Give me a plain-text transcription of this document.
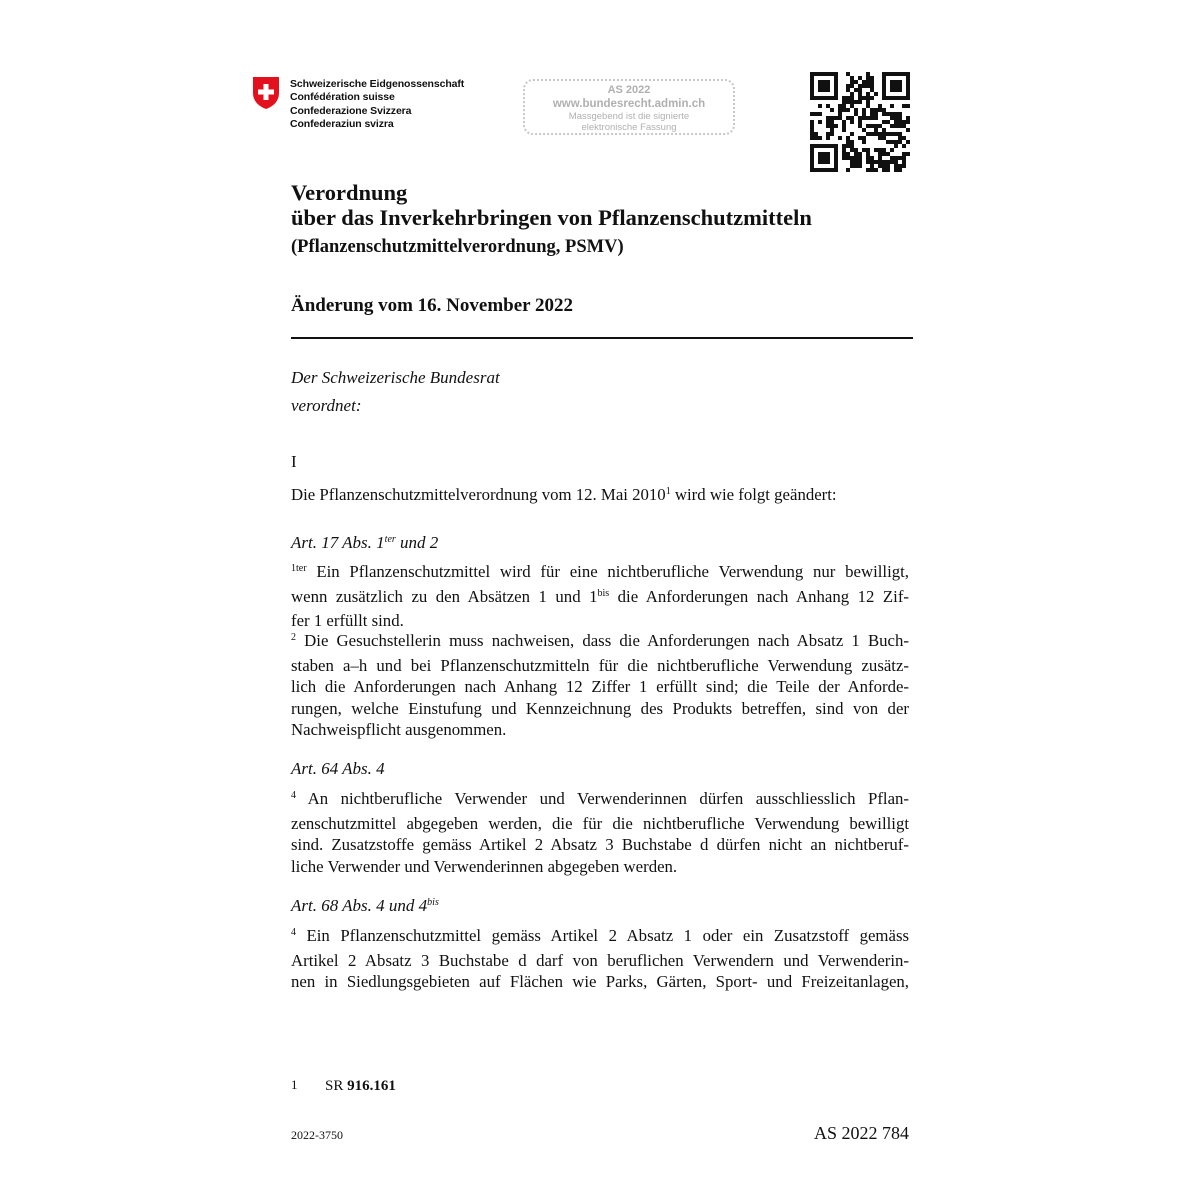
Schweizerische Eidgenossenschaft
Confédération suisse
Confederazione Svizzera
Confederaziun svizra
AS 2022
www.bundesrecht.admin.ch
Massgebend ist die signierte
elektronische Fassung
Verordnung
über das Inverkehrbringen von Pflanzenschutzmitteln
(Pflanzenschutzmittelverordnung, PSMV)
Änderung vom 16. November 2022
Der Schweizerische Bundesrat
verordnet:
I
Die Pflanzenschutzmittelverordnung vom 12. Mai 2010$^1$ wird wie folgt geändert:
Art. 17 Abs. $1^{ter}$ und 2
$^{1ter}$ Ein Pflanzenschutzmittel wird für eine nichtberufliche Verwendung nur bewilligt,
wenn zusätzlich zu den Absätzen 1 und $1^{bis}$ die Anforderungen nach Anhang 12 Zif-
fer 1 erfüllt sind.
$^2$ Die Gesuchstellerin muss nachweisen, dass die Anforderungen nach Absatz 1 Buch-
staben a–h und bei Pflanzenschutzmitteln für die nichtberufliche Verwendung zusätz-
lich die Anforderungen nach Anhang 12 Ziffer 1 erfüllt sind; die Teile der Anforde-
rungen, welche Einstufung und Kennzeichnung des Produkts betreffen, sind von der
Nachweispflicht ausgenommen.
Art. 64 Abs. 4
$^4$ An nichtberufliche Verwender und Verwenderinnen dürfen ausschliesslich Pflan-
zenschutzmittel abgegeben werden, die für die nichtberufliche Verwendung bewilligt
sind. Zusatzstoffe gemäss Artikel 2 Absatz 3 Buchstabe d dürfen nicht an nichtberuf-
liche Verwender und Verwenderinnen abgegeben werden.
Art. 68 Abs. 4 und $4^{bis}$
$^4$ Ein Pflanzenschutzmittel gemäss Artikel 2 Absatz 1 oder ein Zusatzstoff gemäss
Artikel 2 Absatz 3 Buchstabe d darf von beruflichen Verwendern und Verwenderin-
nen in Siedlungsgebieten auf Flächen wie Parks, Gärten, Sport- und Freizeitanlagen,
1 SR 916.161
2022-3750	AS 2022 784
